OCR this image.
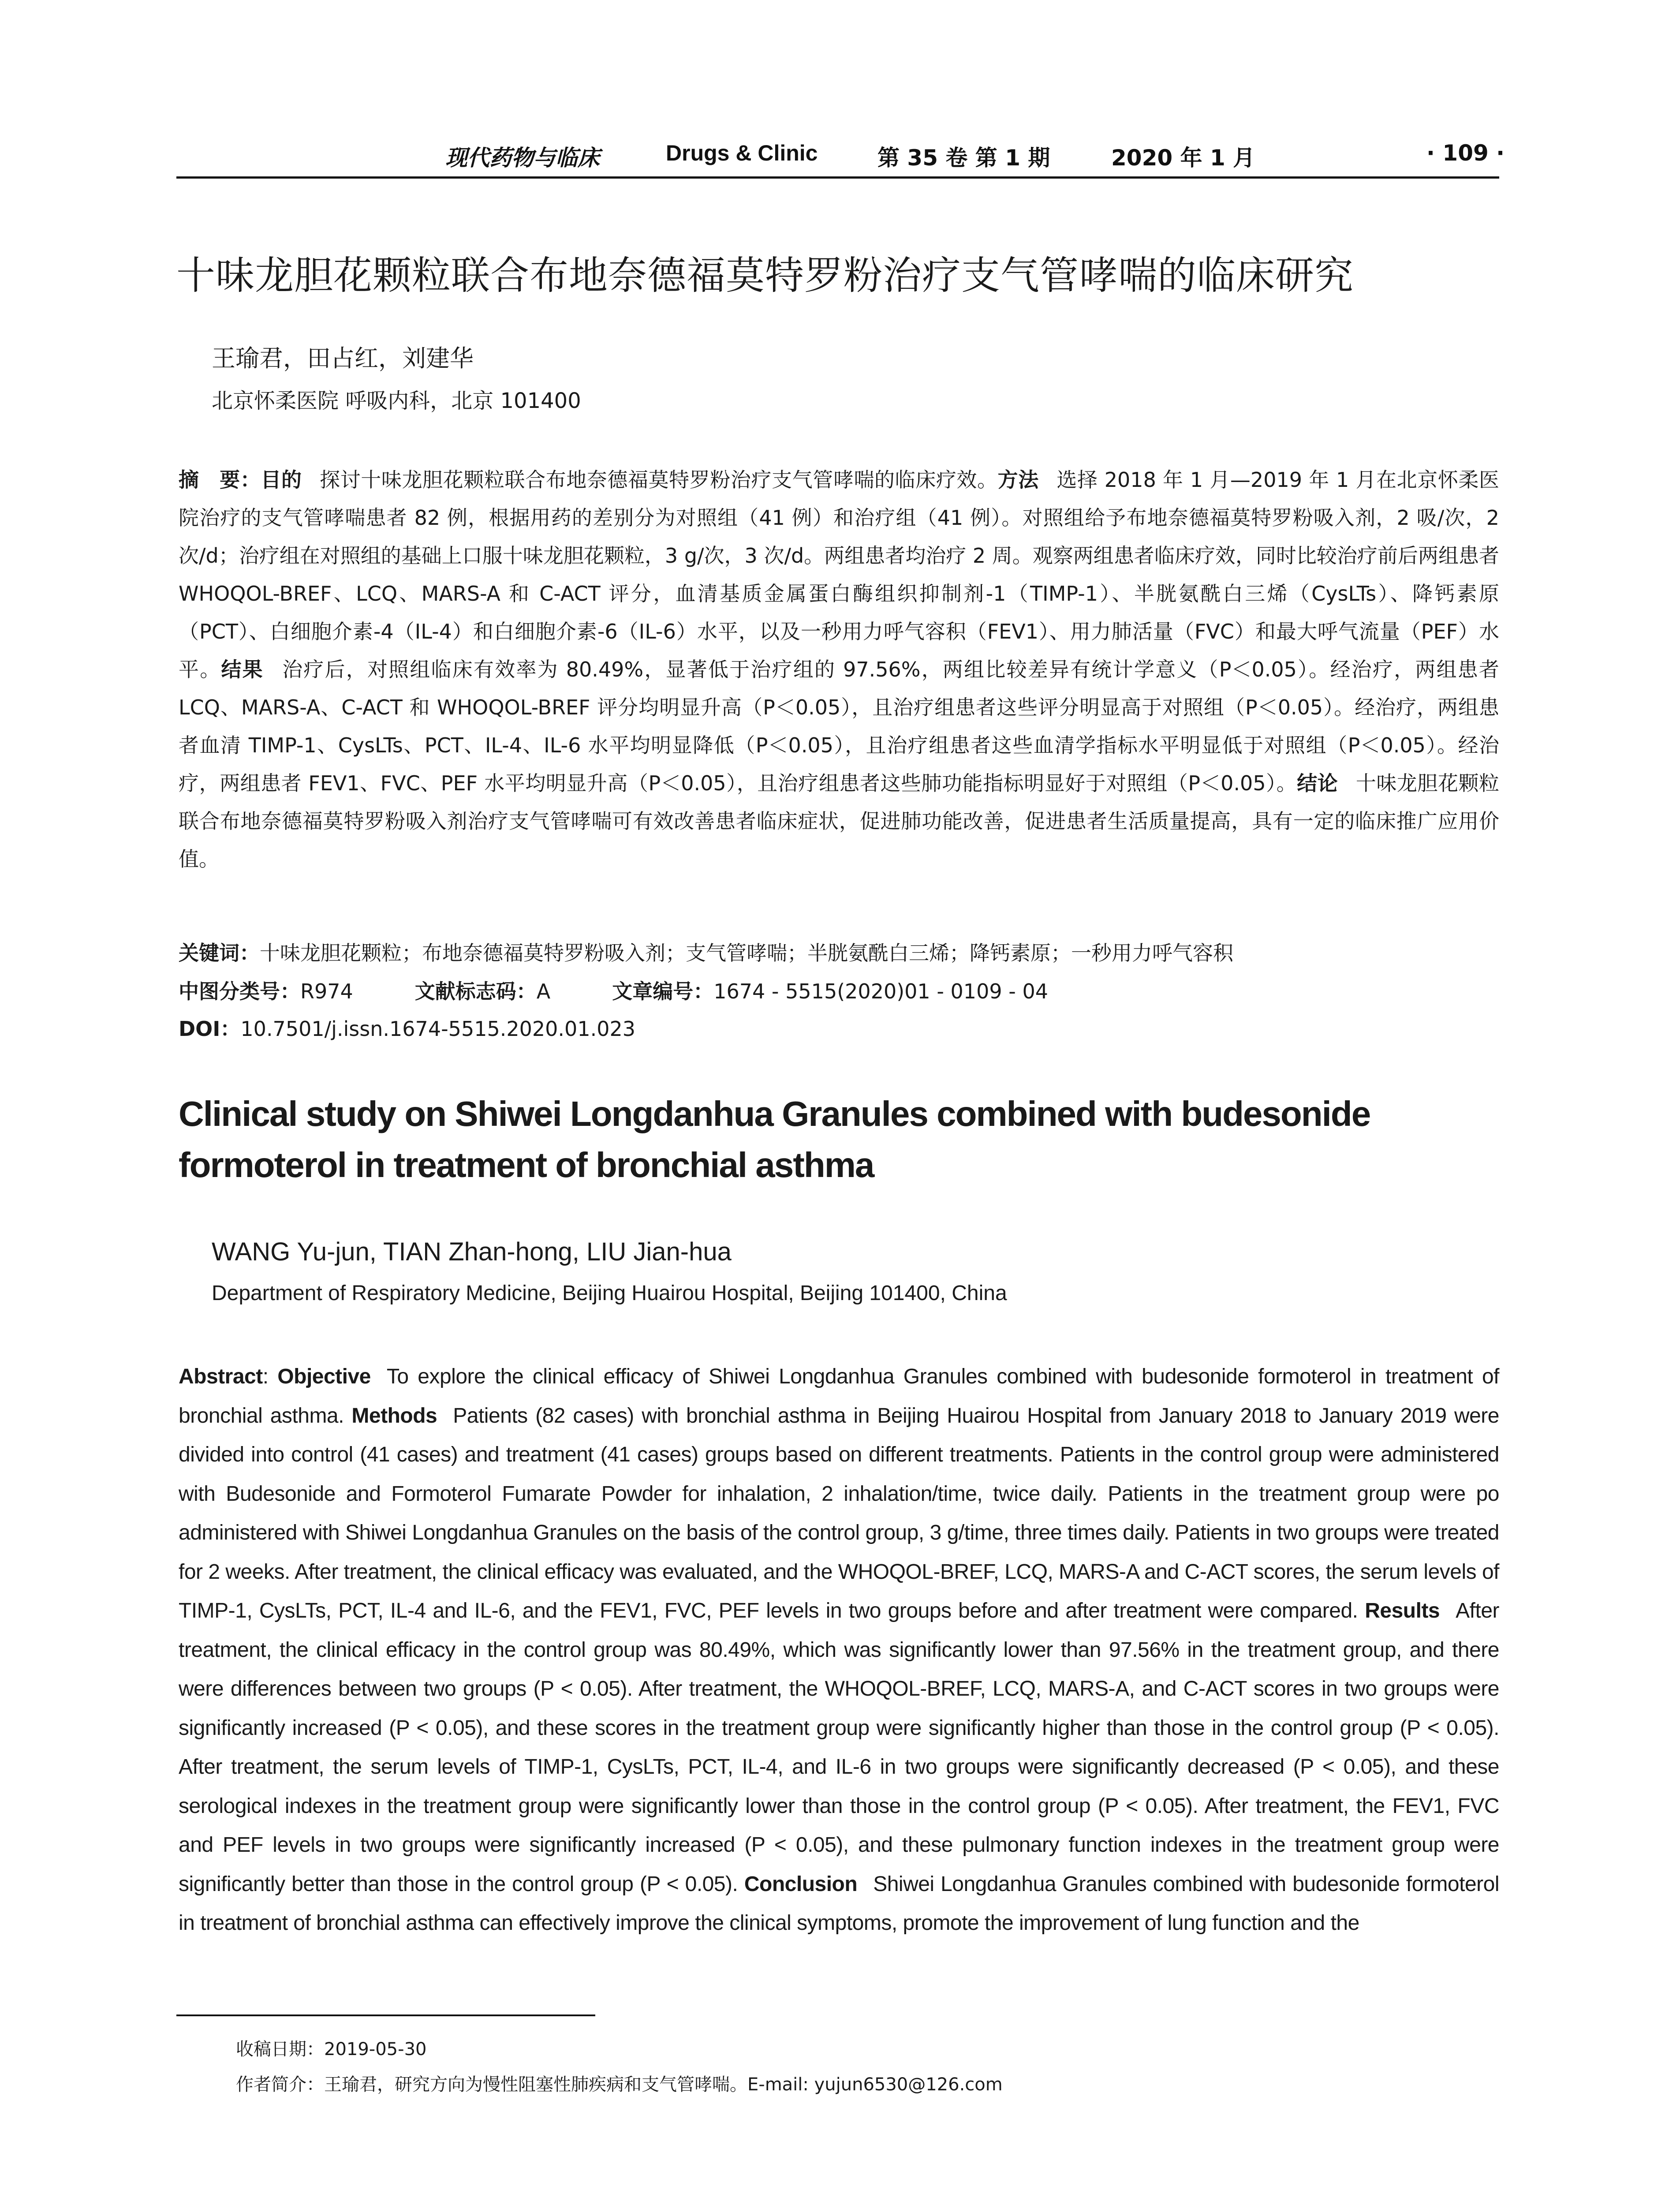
现代药物与临床	Drugs & Clinic	第 35 卷 第 1 期	2020 年 1 月	· 109 ·
十味龙胆花颗粒联合布地奈德福莫特罗粉治疗支气管哮喘的临床研究
王瑜君，田占红，刘建华
北京怀柔医院 呼吸内科，北京 101400
摘　要：目的 探讨十味龙胆花颗粒联合布地奈德福莫特罗粉治疗支气管哮喘的临床疗效。方法 选择 2018 年 1 月—2019 年 1 月在北京怀柔医院治疗的支气管哮喘患者 82 例，根据用药的差别分为对照组（41 例）和治疗组（41 例）。对照组给予布地奈德福莫特罗粉吸入剂，2 吸/次，2 次/d；治疗组在对照组的基础上口服十味龙胆花颗粒，3 g/次，3 次/d。两组患者均治疗 2 周。观察两组患者临床疗效，同时比较治疗前后两组患者 WHOQOL-BREF、LCQ、MARS-A 和 C-ACT 评分，血清基质金属蛋白酶组织抑制剂-1（TIMP-1）、半胱氨酰白三烯（CysLTs）、降钙素原（PCT）、白细胞介素-4（IL-4）和白细胞介素-6（IL-6）水平，以及一秒用力呼气容积（FEV1）、用力肺活量（FVC）和最大呼气流量（PEF）水平。结果 治疗后，对照组临床有效率为 80.49%，显著低于治疗组的 97.56%，两组比较差异有统计学意义（P＜0.05）。经治疗，两组患者 LCQ、MARS-A、C-ACT 和 WHOQOL-BREF 评分均明显升高（P＜0.05），且治疗组患者这些评分明显高于对照组（P＜0.05）。经治疗，两组患者血清 TIMP-1、CysLTs、PCT、IL-4、IL-6 水平均明显降低（P＜0.05），且治疗组患者这些血清学指标水平明显低于对照组（P＜0.05）。经治疗，两组患者 FEV1、FVC、PEF 水平均明显升高（P＜0.05），且治疗组患者这些肺功能指标明显好于对照组（P＜0.05）。结论 十味龙胆花颗粒联合布地奈德福莫特罗粉吸入剂治疗支气管哮喘可有效改善患者临床症状，促进肺功能改善，促进患者生活质量提高，具有一定的临床推广应用价值。
关键词：十味龙胆花颗粒；布地奈德福莫特罗粉吸入剂；支气管哮喘；半胱氨酰白三烯；降钙素原；一秒用力呼气容积
中图分类号：R974	文献标志码：A	文章编号：1674 - 5515(2020)01 - 0109 - 04
DOI：10.7501/j.issn.1674-5515.2020.01.023
Clinical study on Shiwei Longdanhua Granules combined with budesonide formoterol in treatment of bronchial asthma
WANG Yu-jun, TIAN Zhan-hong, LIU Jian-hua
Department of Respiratory Medicine, Beijing Huairou Hospital, Beijing 101400, China
Abstract: Objective To explore the clinical efficacy of Shiwei Longdanhua Granules combined with budesonide formoterol in treatment of bronchial asthma. Methods Patients (82 cases) with bronchial asthma in Beijing Huairou Hospital from January 2018 to January 2019 were divided into control (41 cases) and treatment (41 cases) groups based on different treatments. Patients in the control group were administered with Budesonide and Formoterol Fumarate Powder for inhalation, 2 inhalation/time, twice daily. Patients in the treatment group were po administered with Shiwei Longdanhua Granules on the basis of the control group, 3 g/time, three times daily. Patients in two groups were treated for 2 weeks. After treatment, the clinical efficacy was evaluated, and the WHOQOL-BREF, LCQ, MARS-A and C-ACT scores, the serum levels of TIMP-1, CysLTs, PCT, IL-4 and IL-6, and the FEV1, FVC, PEF levels in two groups before and after treatment were compared. Results After treatment, the clinical efficacy in the control group was 80.49%, which was significantly lower than 97.56% in the treatment group, and there were differences between two groups (P < 0.05). After treatment, the WHOQOL-BREF, LCQ, MARS-A, and C-ACT scores in two groups were significantly increased (P < 0.05), and these scores in the treatment group were significantly higher than those in the control group (P < 0.05). After treatment, the serum levels of TIMP-1, CysLTs, PCT, IL-4, and IL-6 in two groups were significantly decreased (P < 0.05), and these serological indexes in the treatment group were significantly lower than those in the control group (P < 0.05). After treatment, the FEV1, FVC and PEF levels in two groups were significantly increased (P < 0.05), and these pulmonary function indexes in the treatment group were significantly better than those in the control group (P < 0.05). Conclusion Shiwei Longdanhua Granules combined with budesonide formoterol in treatment of bronchial asthma can effectively improve the clinical symptoms, promote the improvement of lung function and the
收稿日期：2019-05-30
作者简介：王瑜君，研究方向为慢性阻塞性肺疾病和支气管哮喘。E-mail: yujun6530@126.com
